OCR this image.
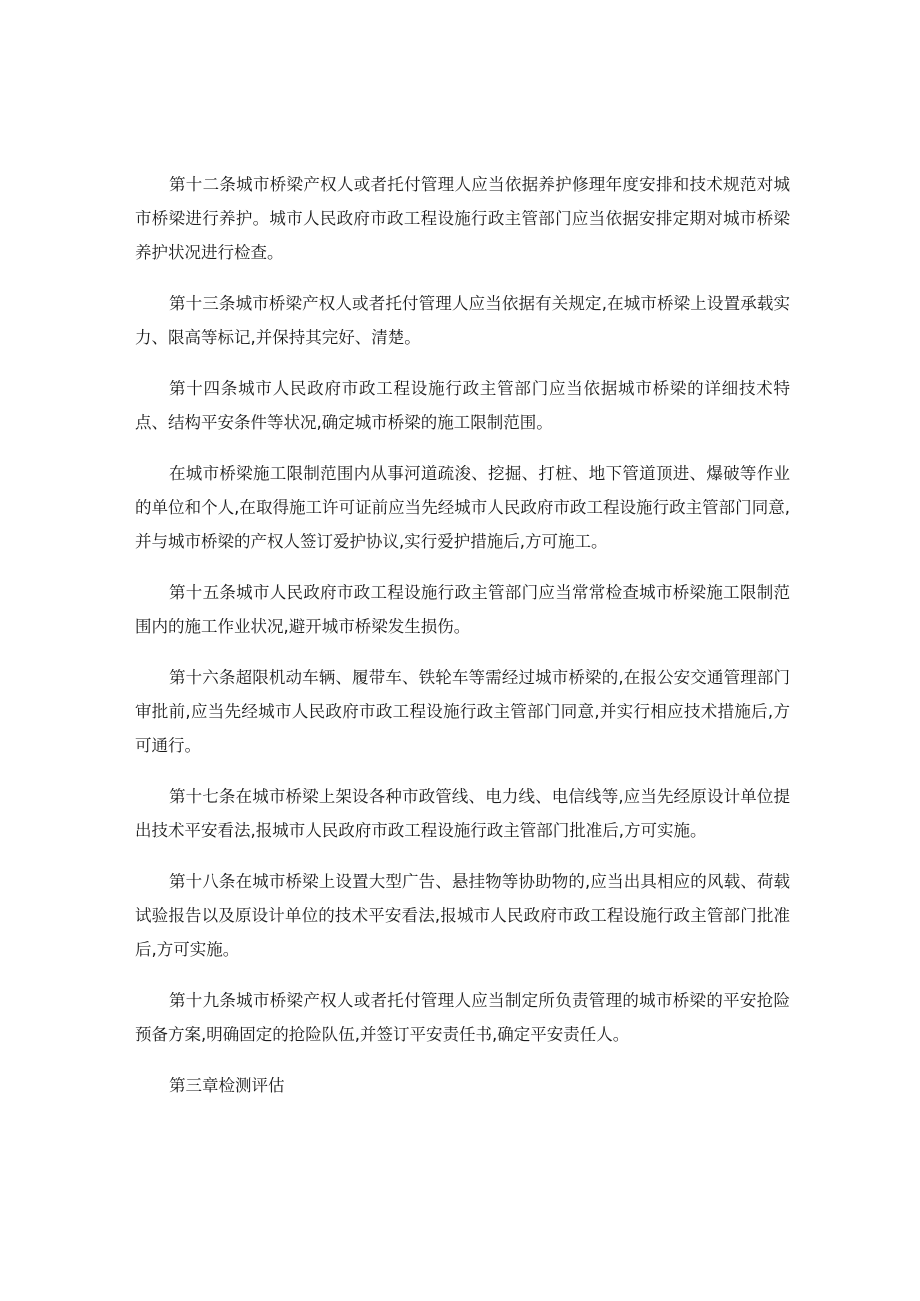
第十二条城市桥梁产权人或者托付管理人应当依据养护修理年度安排和技术规范对城市桥梁进行养护。城市人民政府市政工程设施行政主管部门应当依据安排定期对城市桥梁养护状况进行检查。

第十三条城市桥梁产权人或者托付管理人应当依据有关规定,在城市桥梁上设置承载实力、限高等标记,并保持其完好、清楚。

第十四条城市人民政府市政工程设施行政主管部门应当依据城市桥梁的详细技术特点、结构平安条件等状况,确定城市桥梁的施工限制范围。

在城市桥梁施工限制范围内从事河道疏浚、挖掘、打桩、地下管道顶进、爆破等作业的单位和个人,在取得施工许可证前应当先经城市人民政府市政工程设施行政主管部门同意,并与城市桥梁的产权人签订爱护协议,实行爱护措施后,方可施工。

第十五条城市人民政府市政工程设施行政主管部门应当常常检查城市桥梁施工限制范围内的施工作业状况,避开城市桥梁发生损伤。

第十六条超限机动车辆、履带车、铁轮车等需经过城市桥梁的,在报公安交通管理部门审批前,应当先经城市人民政府市政工程设施行政主管部门同意,并实行相应技术措施后,方可通行。

第十七条在城市桥梁上架设各种市政管线、电力线、电信线等,应当先经原设计单位提出技术平安看法,报城市人民政府市政工程设施行政主管部门批准后,方可实施。

第十八条在城市桥梁上设置大型广告、悬挂物等协助物的,应当出具相应的风载、荷载试验报告以及原设计单位的技术平安看法,报城市人民政府市政工程设施行政主管部门批准后,方可实施。

第十九条城市桥梁产权人或者托付管理人应当制定所负责管理的城市桥梁的平安抢险预备方案,明确固定的抢险队伍,并签订平安责任书,确定平安责任人。

第三章检测评估
